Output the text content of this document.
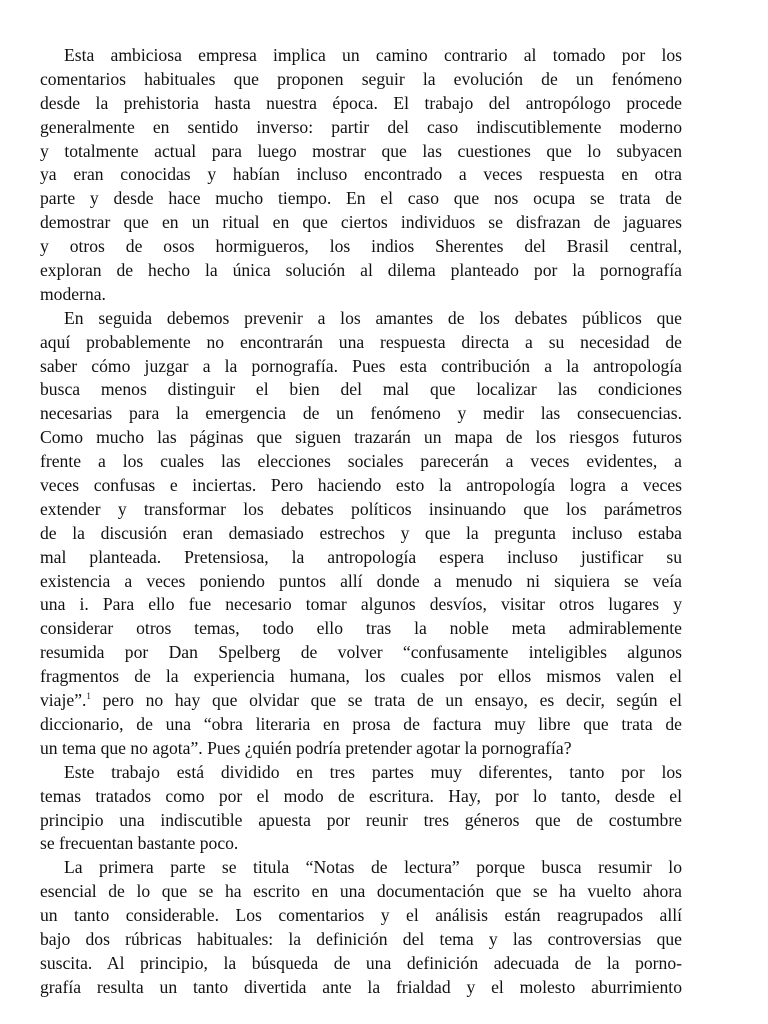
Esta ambiciosa empresa implica un camino contrario al tomado por los
comentarios habituales que proponen seguir la evolución de un fenómeno
desde la prehistoria hasta nuestra época. El trabajo del antropólogo procede
generalmente en sentido inverso: partir del caso indiscutiblemente moderno
y totalmente actual para luego mostrar que las cuestiones que lo subyacen
ya eran conocidas y habían incluso encontrado a veces respuesta en otra
parte y desde hace mucho tiempo. En el caso que nos ocupa se trata de
demostrar que en un ritual en que ciertos individuos se disfrazan de jaguares
y otros de osos hormigueros, los indios Sherentes del Brasil central,
exploran de hecho la única solución al dilema planteado por la pornografía
moderna.
En seguida debemos prevenir a los amantes de los debates públicos que
aquí probablemente no encontrarán una respuesta directa a su necesidad de
saber cómo juzgar a la pornografía. Pues esta contribución a la antropología
busca menos distinguir el bien del mal que localizar las condiciones
necesarias para la emergencia de un fenómeno y medir las consecuencias.
Como mucho las páginas que siguen trazarán un mapa de los riesgos futuros
frente a los cuales las elecciones sociales parecerán a veces evidentes, a
veces confusas e inciertas. Pero haciendo esto la antropología logra a veces
extender y transformar los debates políticos insinuando que los parámetros
de la discusión eran demasiado estrechos y que la pregunta incluso estaba
mal planteada. Pretensiosa, la antropología espera incluso justificar su
existencia a veces poniendo puntos allí donde a menudo ni siquiera se veía
una i. Para ello fue necesario tomar algunos desvíos, visitar otros lugares y
considerar otros temas, todo ello tras la noble meta admirablemente
resumida por Dan Spelberg de volver “confusamente inteligibles algunos
fragmentos de la experiencia humana, los cuales por ellos mismos valen el
viaje”.$^1$ pero no hay que olvidar que se trata de un ensayo, es decir, según el
diccionario, de una “obra literaria en prosa de factura muy libre que trata de
un tema que no agota”. Pues ¿quién podría pretender agotar la pornografía?
Este trabajo está dividido en tres partes muy diferentes, tanto por los
temas tratados como por el modo de escritura. Hay, por lo tanto, desde el
principio una indiscutible apuesta por reunir tres géneros que de costumbre
se frecuentan bastante poco.
La primera parte se titula “Notas de lectura” porque busca resumir lo
esencial de lo que se ha escrito en una documentación que se ha vuelto ahora
un tanto considerable. Los comentarios y el análisis están reagrupados allí
bajo dos rúbricas habituales: la definición del tema y las controversias que
suscita. Al principio, la búsqueda de una definición adecuada de la porno-
grafía resulta un tanto divertida ante la frialdad y el molesto aburrimiento
